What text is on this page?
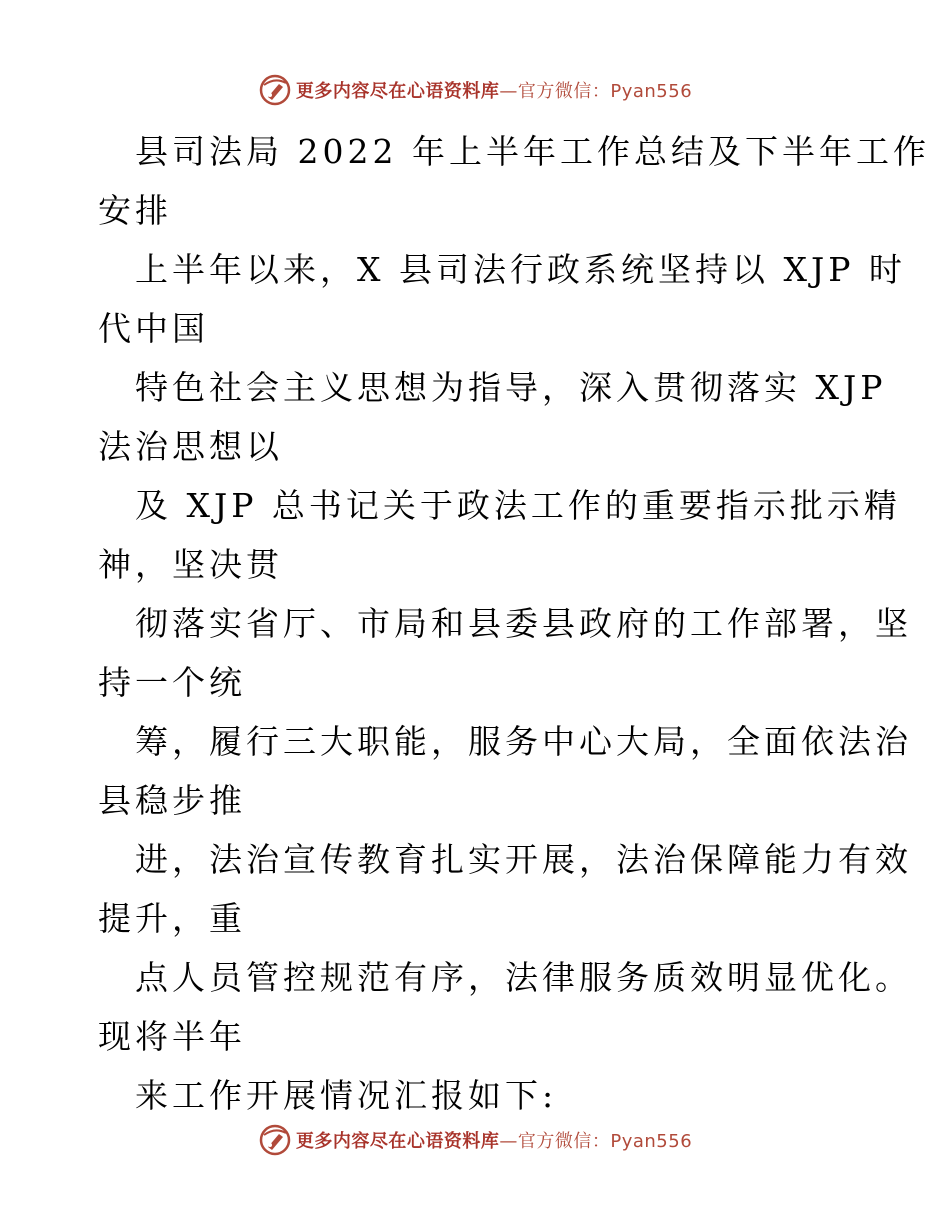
更多内容尽在心语资料库—官方微信：Pyan556

县司法局 2022 年上半年工作总结及下半年工作

安排

上半年以来，X 县司法行政系统坚持以 XJP 时

代中国

特色社会主义思想为指导，深入贯彻落实 XJP

法治思想以

及 XJP 总书记关于政法工作的重要指示批示精

神，坚决贯

彻落实省厅、市局和县委县政府的工作部署，坚

持一个统

筹，履行三大职能，服务中心大局，全面依法治

县稳步推

进，法治宣传教育扎实开展，法治保障能力有效

提升，重

点人员管控规范有序，法律服务质效明显优化。

现将半年

来工作开展情况汇报如下:

更多内容尽在心语资料库—官方微信：Pyan556
